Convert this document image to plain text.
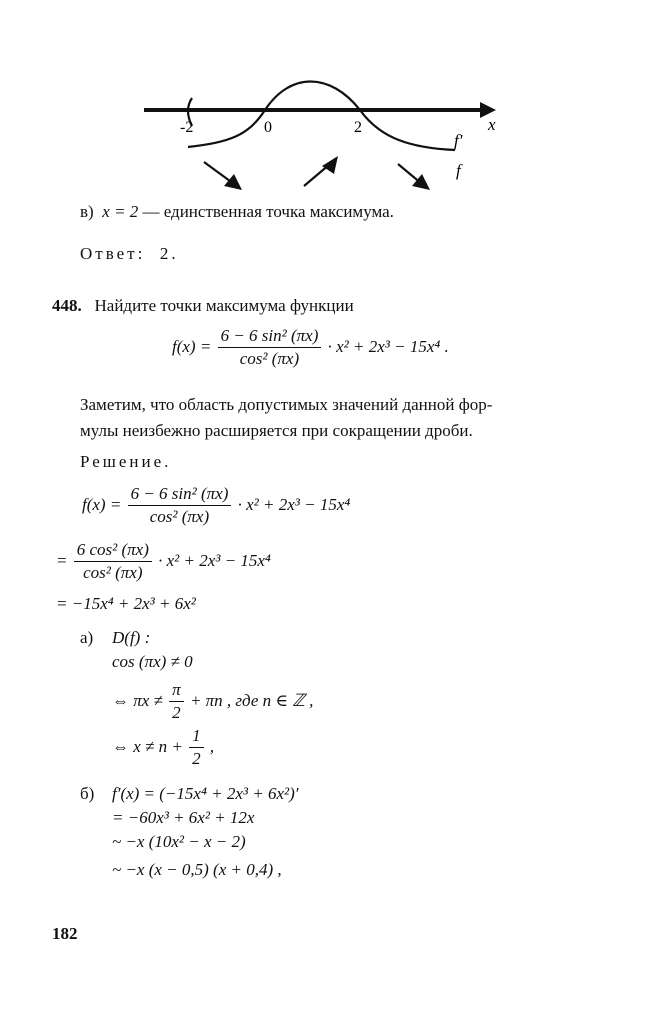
-2	0	2	x
f'
f
в) x = 2 — единственная точка максимума.
Ответ: 2.
448. Найдите точки максимума функции
$f(x) = \frac{\text{6 − 6 sin² (πx)}}{\text{cos² (πx)}} \cdot x^2 + 2x^3 - 15x^4$ .
Заметим, что область допустимых значений данной фор-
мулы неизбежно расширяется при сокращении дроби.
Решение.
$f(x) = \frac{\text{6 − 6 sin² (πx)}}{\text{cos² (πx)}} \cdot x^2 + 2x^3 - 15x^4$
= $\frac{\text{6 cos² (πx)}}{\text{cos² (πx)}} \cdot x^2 + 2x^3 - 15x^4$
= −15x⁴ + 2x³ + 6x²
а) D(f) :
cos (πx) ≠ 0
⇔ $\pi x \ne \frac{\pi}{2} + \pi n$ , где n ∈ ℤ ,
⇔ $x \ne n + \frac{1}{2}$ ,
б) f′(x) = (−15x⁴ + 2x³ + 6x²)′
= −60x³ + 6x² + 12x
~ −x (10x² − x − 2)
~ −x (x − 0,5) (x + 0,4) ,
182
